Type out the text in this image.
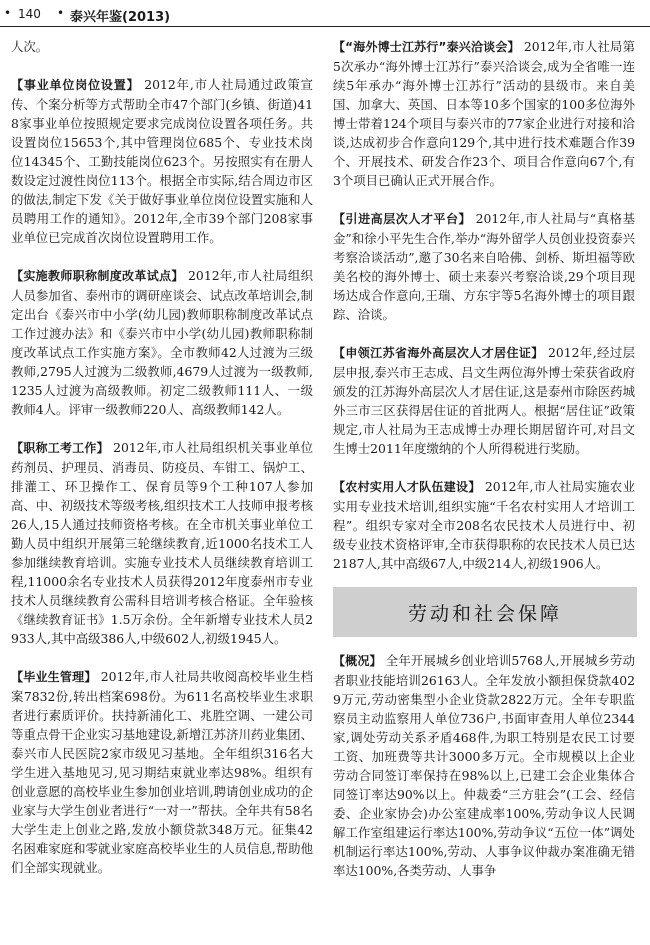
• 140 • 泰兴年鉴(2013)

人次。

【事业单位岗位设置】 2012年,市人社局通过政策宣传、个案分析等方式帮助全市47个部门(乡镇、街道)418家事业单位按照规定要求完成岗位设置各项任务。共设置岗位15653个,其中管理岗位685个、专业技术岗位14345个、工勤技能岗位623个。另按照实有在册人数设定过渡性岗位113个。根据全市实际,结合周边市区的做法,制定下发《关于做好事业单位岗位设置实施和人员聘用工作的通知》。2012年,全市39个部门208家事业单位已完成首次岗位设置聘用工作。

【实施教师职称制度改革试点】 2012年,市人社局组织人员参加省、泰州市的调研座谈会、试点改革培训会,制定出台《泰兴市中小学(幼儿园)教师职称制度改革试点工作过渡办法》和《泰兴市中小学(幼儿园)教师职称制度改革试点工作实施方案》。全市教师42人过渡为三级教师,2795人过渡为二级教师,4679人过渡为一级教师,1235人过渡为高级教师。初定二级教师111人、一级教师4人。评审一级教师220人、高级教师142人。

【职称工考工作】 2012年,市人社局组织机关事业单位药剂员、护理员、消毒员、防疫员、车钳工、锅炉工、排灌工、环卫操作工、保育员等9个工种107人参加高、中、初级技术等级考核,组织技术工人技师申报考核26人,15人通过技师资格考核。在全市机关事业单位工勤人员中组织开展第三轮继续教育,近1000名技术工人参加继续教育培训。实施专业技术人员继续教育培训工程,11000余名专业技术人员获得2012年度泰州市专业技术人员继续教育公需科目培训考核合格证。全年验核《继续教育证书》1.5万余份。全年新增专业技术人员2933人,其中高级386人,中级602人,初级1945人。

【毕业生管理】 2012年,市人社局共收阅高校毕业生档案7832份,转出档案698份。为611名高校毕业生求职者进行素质评价。扶持新浦化工、兆胜空调、一建公司等重点骨干企业实习基地建设,新增江苏济川药业集团、泰兴市人民医院2家市级见习基地。全年组织316名大学生进入基地见习,见习期结束就业率达98%。组织有创业意愿的高校毕业生参加创业培训,聘请创业成功的企业家与大学生创业者进行“一对一”帮扶。全年共有58名大学生走上创业之路,发放小额贷款348万元。征集42名困难家庭和零就业家庭高校毕业生的人员信息,帮助他们全部实现就业。

【“海外博士江苏行”泰兴洽谈会】 2012年,市人社局第5次承办“海外博士江苏行”泰兴洽谈会,成为全省唯一连续5年承办“海外博士江苏行”活动的县级市。来自美国、加拿大、英国、日本等10多个国家的100多位海外博士带着124个项目与泰兴市的77家企业进行对接和洽谈,达成初步合作意向129个,其中进行技术难题合作39个、开展技术、研发合作23个、项目合作意向67个,有3个项目已确认正式开展合作。

【引进高层次人才平台】 2012年,市人社局与“真格基金”和徐小平先生合作,举办“海外留学人员创业投资泰兴考察洽谈活动”,邀了30名来自哈佛、剑桥、斯坦福等欧美名校的海外博士、硕士来泰兴考察洽谈,29个项目现场达成合作意向,王瑞、方东宇等5名海外博士的项目跟踪、洽谈。

【申领江苏省海外高层次人才居住证】 2012年,经过层层申报,泰兴市王志成、吕文生两位海外博士荣获省政府颁发的江苏海外高层次人才居住证,这是泰州市除医药城外三市三区获得居住证的首批两人。根据“居住证”政策规定,市人社局为王志成博士办理长期居留许可,对吕文生博士2011年度缴纳的个人所得税进行奖励。

【农村实用人才队伍建设】 2012年,市人社局实施农业实用专业技术培训,组织实施“千名农村实用人才培训工程”。组织专家对全市208名农民技术人员进行中、初级专业技术资格评审,全市获得职称的农民技术人员已达2187人,其中高级67人,中级214人,初级1906人。

劳动和社会保障

【概况】 全年开展城乡创业培训5768人,开展城乡劳动者职业技能培训26163人。全年发放小额担保贷款4029万元,劳动密集型小企业贷款2822万元。全年专职监察员主动监察用人单位736户,书面审查用人单位2344家,调处劳动关系矛盾468件,为职工特别是农民工讨要工资、加班费等共计3000多万元。全市规模以上企业劳动合同签订率保持在98%以上,已建工会企业集体合同签订率达90%以上。仲裁委“三方驻会”(工会、经信委、企业家协会)办公室建成率100%,劳动争议人民调解工作室组建运行率达100%,劳动争议“五位一体”调处机制运行率达100%,劳动、人事争议仲裁办案准确无错率达100%,各类劳动、人事争
